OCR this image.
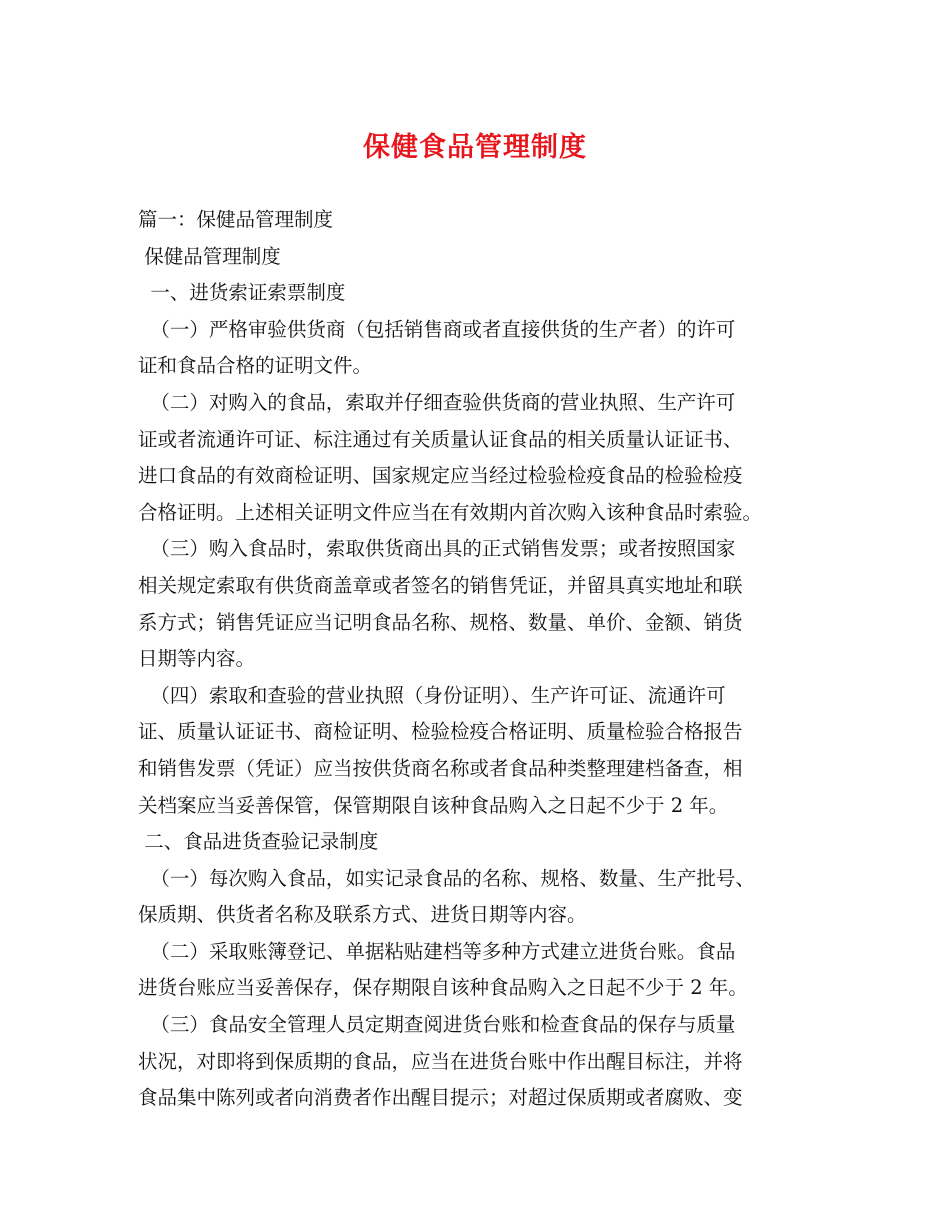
保健食品管理制度
篇一：保健品管理制度
保健品管理制度
一、进货索证索票制度
（一）严格审验供货商（包括销售商或者直接供货的生产者）的许可
证和食品合格的证明文件。
（二）对购入的食品，索取并仔细查验供货商的营业执照、生产许可
证或者流通许可证、标注通过有关质量认证食品的相关质量认证证书、
进口食品的有效商检证明、国家规定应当经过检验检疫食品的检验检疫
合格证明。上述相关证明文件应当在有效期内首次购入该种食品时索验。
（三）购入食品时，索取供货商出具的正式销售发票；或者按照国家
相关规定索取有供货商盖章或者签名的销售凭证，并留具真实地址和联
系方式；销售凭证应当记明食品名称、规格、数量、单价、金额、销货
日期等内容。
（四）索取和查验的营业执照（身份证明）、生产许可证、流通许可
证、质量认证证书、商检证明、检验检疫合格证明、质量检验合格报告
和销售发票（凭证）应当按供货商名称或者食品种类整理建档备查，相
关档案应当妥善保管，保管期限自该种食品购入之日起不少于 2 年。
二、食品进货查验记录制度
（一）每次购入食品，如实记录食品的名称、规格、数量、生产批号、
保质期、供货者名称及联系方式、进货日期等内容。
（二）采取账簿登记、单据粘贴建档等多种方式建立进货台账。食品
进货台账应当妥善保存，保存期限自该种食品购入之日起不少于 2 年。
（三）食品安全管理人员定期查阅进货台账和检查食品的保存与质量
状况，对即将到保质期的食品，应当在进货台账中作出醒目标注，并将
食品集中陈列或者向消费者作出醒目提示；对超过保质期或者腐败、变
